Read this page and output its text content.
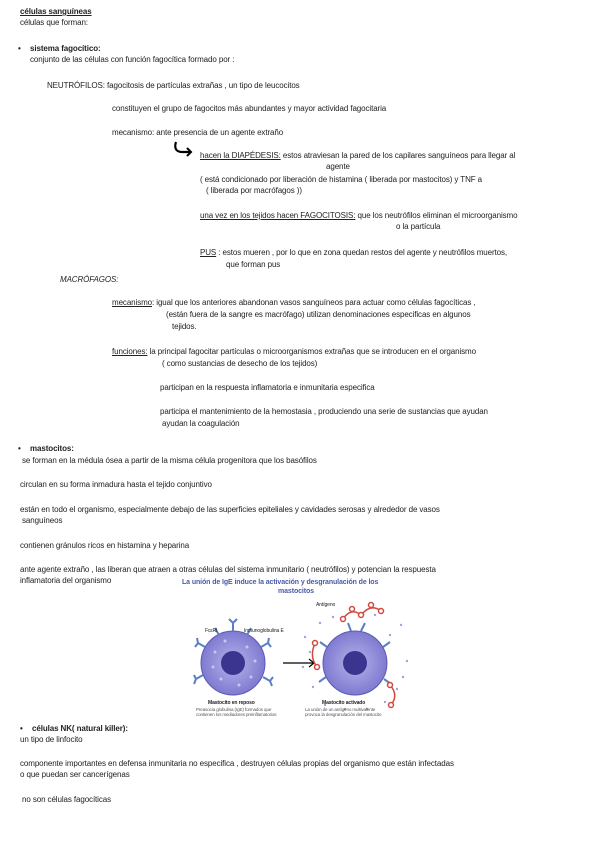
células sanguíneas
células que forman:
• sistema fagocítico:
conjunto de las células con función fagocítica formado por :
NEUTRÓFILOS: fagocitosis de partículas extrañas , un tipo de leucocitos
constituyen el grupo de fagocitos más abundantes y mayor actividad fagocitaria
mecanismo: ante presencia de un agente extraño
hacen la DIAPÉDESIS: estos atraviesan la pared de los capilares sanguíneos para llegar al
agente
( está condicionado por liberación de histamina ( liberada por mastocitos) y TNF a
( liberada por macrófagos ))
una vez en los tejidos hacen FAGOCITOSIS: que los neutrófilos eliminan el microorganismo
o la partícula
PUS : estos mueren , por lo que en zona quedan restos del agente y neutrófilos muertos,
que forman pus
MACRÓFAGOS:
mecanismo: igual que los anteriores abandonan vasos sanguíneos para actuar como células fagocíticas ,
(están fuera de la sangre es macrófago) utilizan denominaciones especificas en algunos
tejidos.
funciones: la principal fagocitar partículas o microorganismos extrañas que se introducen en el organismo
( como sustancias de desecho de los tejidos)
participan en la respuesta inflamatoria e inmunitaria especifica
participa el mantenimiento de la hemostasia , produciendo una serie de sustancias que ayudan
ayudan la coagulación
• mastocitos:
se forman en la médula ósea a partir de la misma célula progenitora que los basófilos
circulan en su forma inmadura hasta el tejido conjuntivo
están en todo el organismo, especialmente debajo de las superficies epiteliales y cavidades serosas y alrededor de vasos
sanguíneos
contienen gránulos ricos en histamina y heparina
ante agente extraño , las liberan que atraen a otras células del sistema inmunitario ( neutrófilos) y potencian la respuesta
inflamatoria del organismo	La unión de IgE induce la activación y desgranulación de los
mastocitos
Antígeno
FcεRI	Inmunoglobulina E
Mastocito en reposo
Preasocia globulina (IgE) formados que
contienen los mediadores preinflamatorios
Mastocito activado
La unión de un antígeno multivalente
provoca la desgranulación del mastocito
• células NK( natural killer):
un tipo de linfocito
componente importantes en defensa inmunitaria no especifica , destruyen células propias del organismo que están infectadas
o que puedan ser cancerígenas
no son células fagocíticas
